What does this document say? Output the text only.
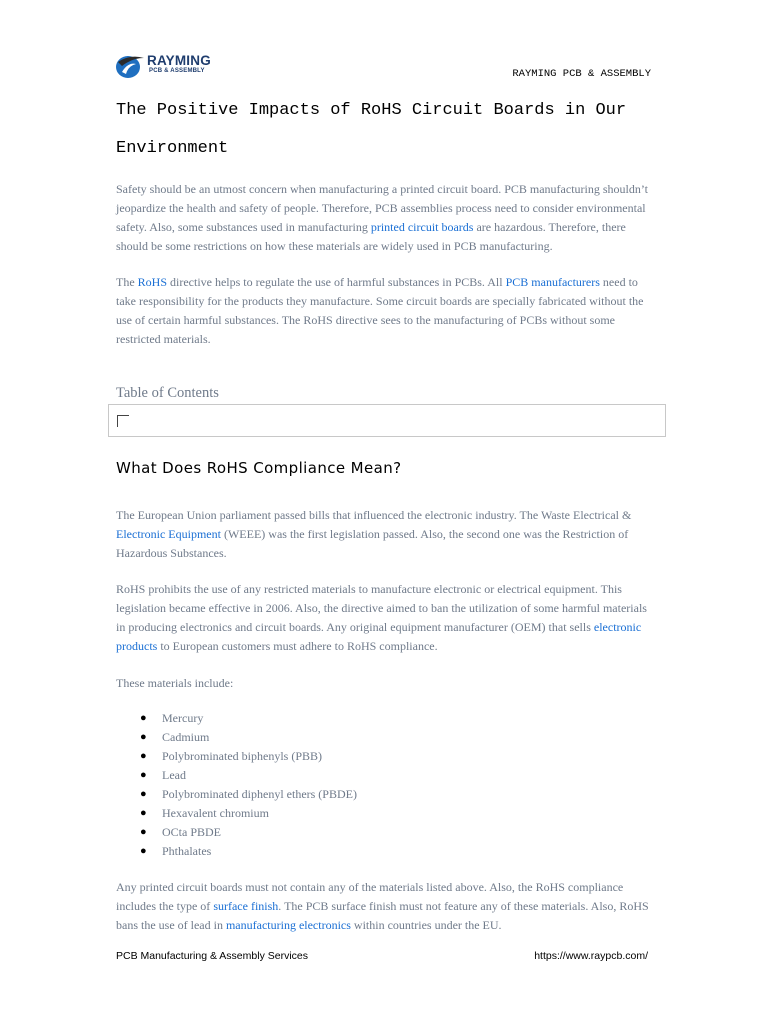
RAYMING
PCB & ASSEMBLY	RAYMING PCB & ASSEMBLY
The Positive Impacts of RoHS Circuit Boards in Our Environment

Safety should be an utmost concern when manufacturing a printed circuit board. PCB manufacturing shouldn’t jeopardize the health and safety of people. Therefore, PCB assemblies process need to consider environmental safety. Also, some substances used in manufacturing printed circuit boards are hazardous. Therefore, there should be some restrictions on how these materials are widely used in PCB manufacturing.

The RoHS directive helps to regulate the use of harmful substances in PCBs. All PCB manufacturers need to take responsibility for the products they manufacture. Some circuit boards are specially fabricated without the use of certain harmful substances. The RoHS directive sees to the manufacturing of PCBs without some restricted materials.

Table of Contents
What Does RoHS Compliance Mean?

The European Union parliament passed bills that influenced the electronic industry. The Waste Electrical & Electronic Equipment (WEEE) was the first legislation passed. Also, the second one was the Restriction of Hazardous Substances.

RoHS prohibits the use of any restricted materials to manufacture electronic or electrical equipment. This legislation became effective in 2006. Also, the directive aimed to ban the utilization of some harmful materials in producing electronics and circuit boards. Any original equipment manufacturer (OEM) that sells electronic products to European customers must adhere to RoHS compliance.

These materials include:

● Mercury
● Cadmium
● Polybrominated biphenyls (PBB)
● Lead
● Polybrominated diphenyl ethers (PBDE)
● Hexavalent chromium
● OCta PBDE
● Phthalates

Any printed circuit boards must not contain any of the materials listed above. Also, the RoHS compliance includes the type of surface finish. The PCB surface finish must not feature any of these materials. Also, RoHS bans the use of lead in manufacturing electronics within countries under the EU.

PCB Manufacturing & Assembly Services	https://www.raypcb.com/
